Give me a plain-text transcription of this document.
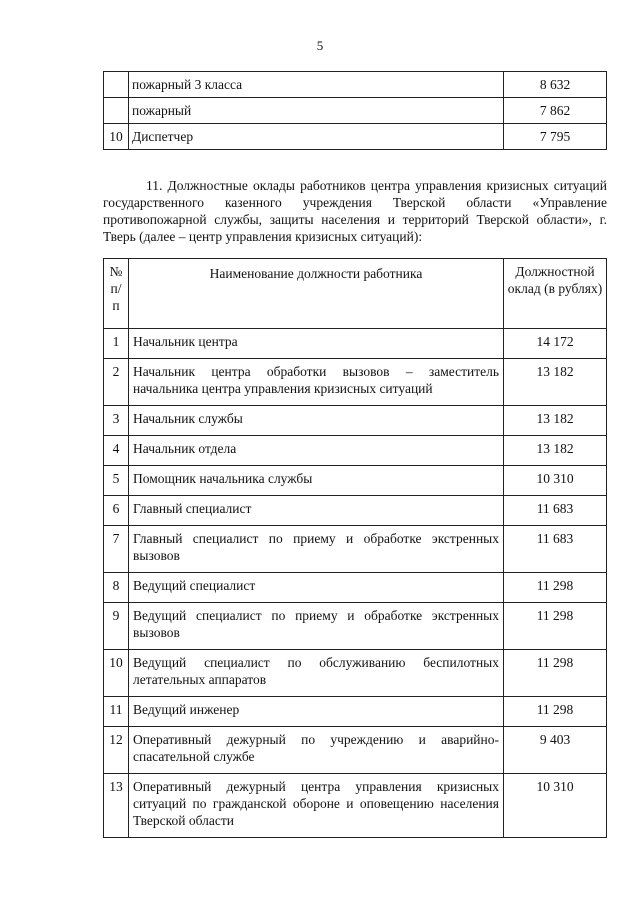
5
	пожарный 3 класса	8 632
	пожарный	7 862
10	Диспетчер	7 795

11. Должностные оклады работников центра управления кризисных ситуаций государственного казенного учреждения Тверской области «Управление противопожарной службы, защиты населения и территорий Тверской области», г. Тверь (далее – центр управления кризисных ситуаций):

№ п/п	Наименование должности работника	Должностной оклад (в рублях)
1	Начальник центра	14 172
2	Начальник центра обработки вызовов – заместитель начальника центра управления кризисных ситуаций	13 182
3	Начальник службы	13 182
4	Начальник отдела	13 182
5	Помощник начальника службы	10 310
6	Главный специалист	11 683
7	Главный специалист по приему и обработке экстренных вызовов	11 683
8	Ведущий специалист	11 298
9	Ведущий специалист по приему и обработке экстренных вызовов	11 298
10	Ведущий специалист по обслуживанию беспилотных летательных аппаратов	11 298
11	Ведущий инженер	11 298
12	Оперативный дежурный по учреждению и аварийно-спасательной службе	9 403
13	Оперативный дежурный центра управления кризисных ситуаций по гражданской обороне и оповещению населения Тверской области	10 310
